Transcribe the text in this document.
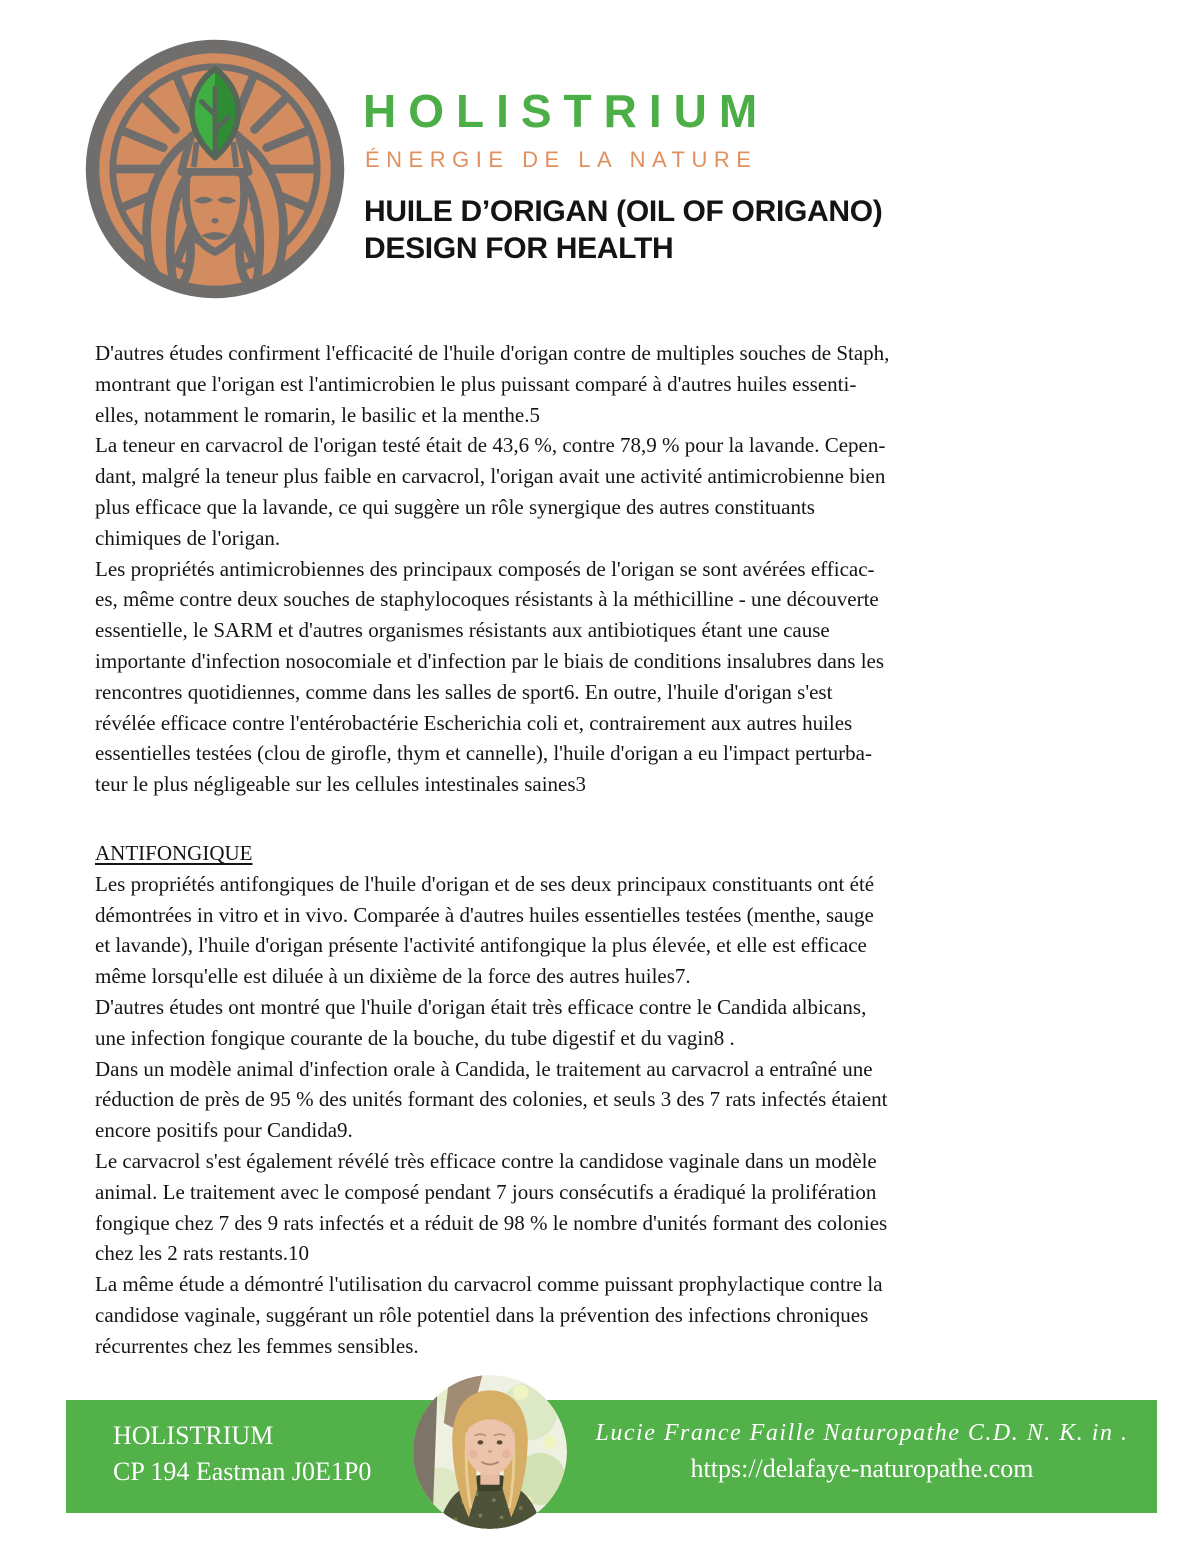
HOLISTRIUM
ÉNERGIE DE LA NATURE
HUILE D’ORIGAN (OIL OF ORIGANO)
DESIGN FOR HEALTH
D'autres études confirment l'efficacité de l'huile d'origan contre de multiples souches de Staph,
montrant que l'origan est l'antimicrobien le plus puissant comparé à d'autres huiles essenti-
elles, notamment le romarin, le basilic et la menthe.5
La teneur en carvacrol de l'origan testé était de 43,6 %, contre 78,9 % pour la lavande. Cepen-
dant, malgré la teneur plus faible en carvacrol, l'origan avait une activité antimicrobienne bien
plus efficace que la lavande, ce qui suggère un rôle synergique des autres constituants
chimiques de l'origan.
Les propriétés antimicrobiennes des principaux composés de l'origan se sont avérées efficac-
es, même contre deux souches de staphylocoques résistants à la méthicilline - une découverte
essentielle, le SARM et d'autres organismes résistants aux antibiotiques étant une cause
importante d'infection nosocomiale et d'infection par le biais de conditions insalubres dans les
rencontres quotidiennes, comme dans les salles de sport6. En outre, l'huile d'origan s'est
révélée efficace contre l'entérobactérie Escherichia coli et, contrairement aux autres huiles
essentielles testées (clou de girofle, thym et cannelle), l'huile d'origan a eu l'impact perturba-
teur le plus négligeable sur les cellules intestinales saines3
ANTIFONGIQUE
Les propriétés antifongiques de l'huile d'origan et de ses deux principaux constituants ont été
démontrées in vitro et in vivo. Comparée à d'autres huiles essentielles testées (menthe, sauge
et lavande), l'huile d'origan présente l'activité antifongique la plus élevée, et elle est efficace
même lorsqu'elle est diluée à un dixième de la force des autres huiles7.
D'autres études ont montré que l'huile d'origan était très efficace contre le Candida albicans,
une infection fongique courante de la bouche, du tube digestif et du vagin8 .
Dans un modèle animal d'infection orale à Candida, le traitement au carvacrol a entraîné une
réduction de près de 95 % des unités formant des colonies, et seuls 3 des 7 rats infectés étaient
encore positifs pour Candida9.
Le carvacrol s'est également révélé très efficace contre la candidose vaginale dans un modèle
animal. Le traitement avec le composé pendant 7 jours consécutifs a éradiqué la prolifération
fongique chez 7 des 9 rats infectés et a réduit de 98 % le nombre d'unités formant des colonies
chez les 2 rats restants.10
La même étude a démontré l'utilisation du carvacrol comme puissant prophylactique contre la
candidose vaginale, suggérant un rôle potentiel dans la prévention des infections chroniques
récurrentes chez les femmes sensibles.
HOLISTRIUM
CP 194 Eastman J0E1P0
Lucie France Faille Naturopathe C.D. N. K. in .
https://delafaye-naturopathe.com
